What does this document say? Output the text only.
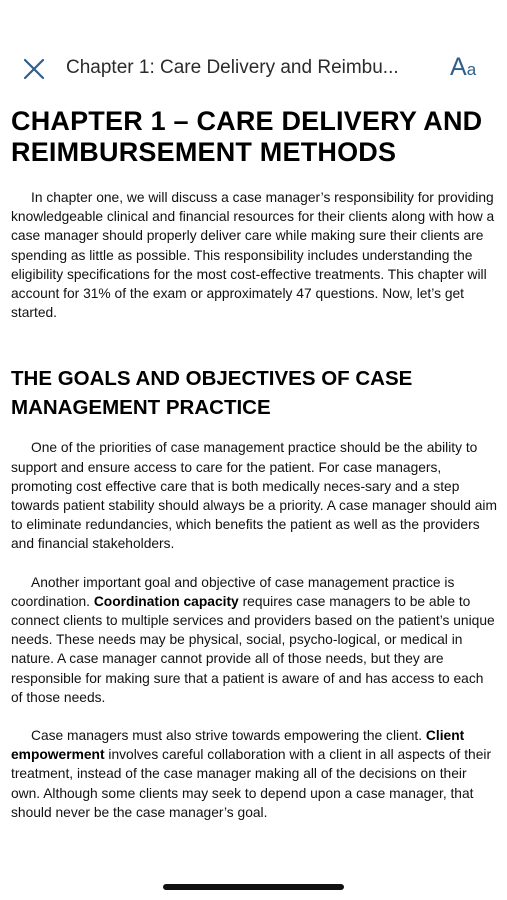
Chapter 1: Care Delivery and Reimbu...	Aa
CHAPTER 1 – CARE DELIVERY AND REIMBURSEMENT METHODS

In chapter one, we will discuss a case manager’s responsibility for providing knowledgeable clinical and financial resources for their clients along with how a case manager should properly deliver care while making sure their clients are spending as little as possible. This responsibility includes understanding the eligibility specifications for the most cost-effective treatments. This chapter will account for 31% of the exam or approximately 47 questions. Now, let’s get started.

THE GOALS AND OBJECTIVES OF CASE MANAGEMENT PRACTICE

One of the priorities of case management practice should be the ability to support and ensure access to care for the patient. For case managers, promoting cost effective care that is both medically neces-sary and a step towards patient stability should always be a priority. A case manager should aim to eliminate redundancies, which benefits the patient as well as the providers and financial stakeholders.

Another important goal and objective of case management practice is coordination. Coordination capacity requires case managers to be able to connect clients to multiple services and providers based on the patient’s unique needs. These needs may be physical, social, psycho-logical, or medical in nature. A case manager cannot provide all of those needs, but they are responsible for making sure that a patient is aware of and has access to each of those needs.

Case managers must also strive towards empowering the client. Client empowerment involves careful collaboration with a client in all aspects of their treatment, instead of the case manager making all of the decisions on their own. Although some clients may seek to depend upon a case manager, that should never be the case manager’s goal.
